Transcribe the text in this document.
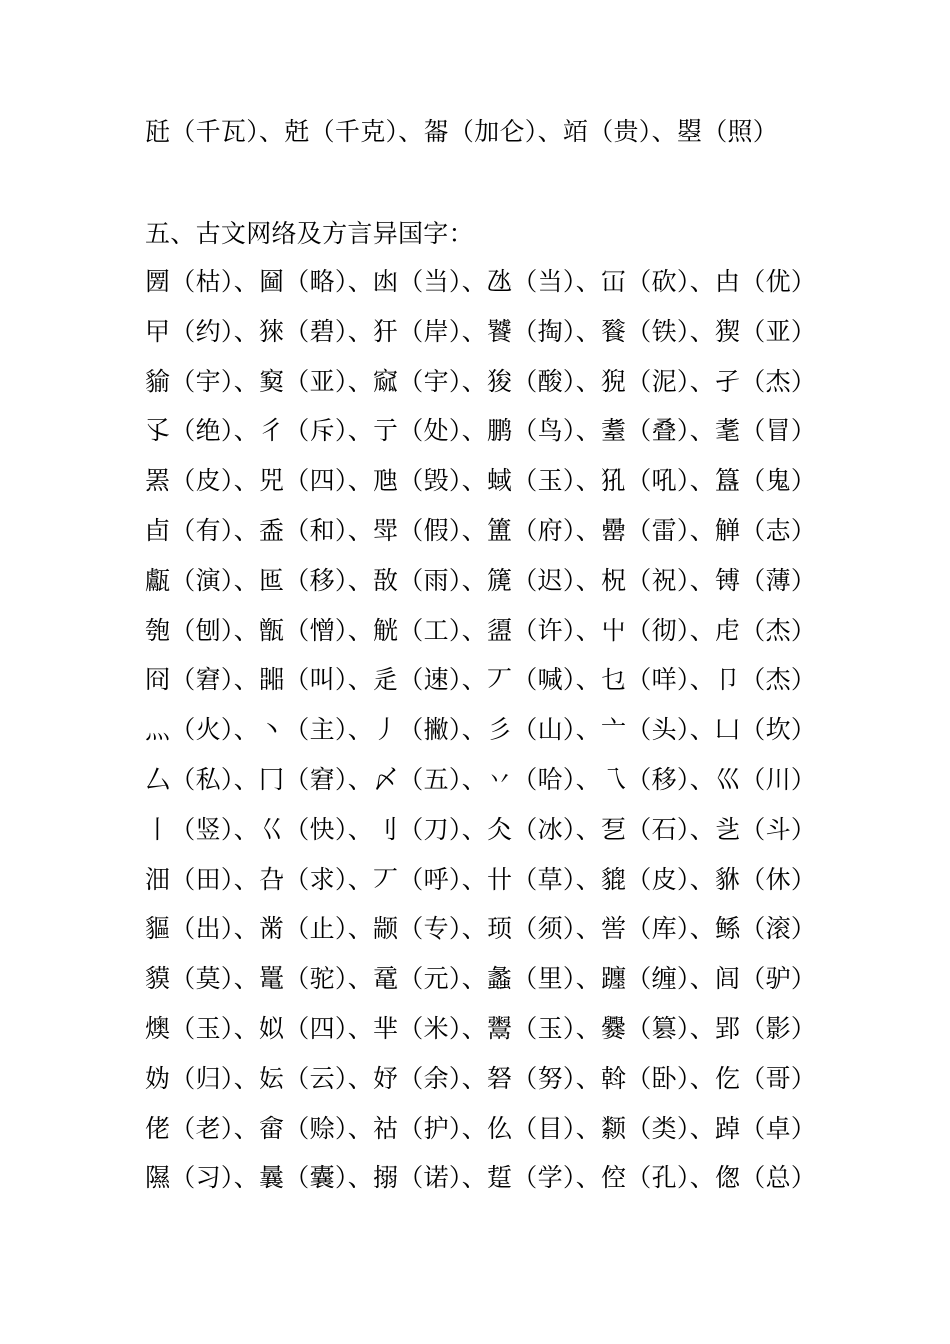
瓩（千瓦）、兛（千克）、嗧（加仑）、竡（贵）、曌（照）
五、古文网络及方言异国字：
圐（枯）、圙（略）、凼（当）、氹（当）、冚（砍）、甴（优）
曱（约）、猍（碧）、犴（岸）、饕（掏）、餮（铁）、猰（亚）
貐（宇）、窫（亚）、窳（宇）、狻（酸）、猊（泥）、孑（杰）
孓（绝）、彳（斥）、亍（处）、鹏（鸟）、耋（叠）、耄（冒）
罴（皮）、兕（四）、虺（毁）、蜮（玉）、犼（吼）、簋（鬼）
卣（有）、盉（和）、斝（假）、簠（府）、罍（雷）、觯（志）
甗（演）、匜（移）、敔（雨）、篪（迟）、柷（祝）、镈（薄）
匏（刨）、甑（憎）、觥（工）、盨（许）、屮（彻）、虍（杰）
冏（窘）、嘂（叫）、辵（速）、丆（喊）、乜（咩）、卩（杰）
灬（火）、丶（主）、丿（撇）、彡（山）、亠（头）、凵（坎）
厶（私）、冂（窘）、〆（五）、丷（哈）、乁（移）、巛（川）
丨（竖）、巜（快）、刂（刀）、仌（冰）、乭（石）、乧（斗）
沺（田）、叴（求）、丆（呼）、卄（草）、貔（皮）、貅（休）
貙（出）、黹（止）、颛（专）、顼（须）、喾（库）、鲧（滚）
貘（莫）、鼍（驼）、鼋（元）、蠡（里）、躔（缠）、闾（驴）
燠（玉）、姒（四）、芈（米）、鬻（玉）、爨（篡）、郢（影）
妫（归）、妘（云）、妤（余）、砮（努）、斡（卧）、仡（哥）
佬（老）、畲（赊）、祜（护）、仫（目）、颣（类）、踔（卓）
隰（习）、曩（囊）、搦（诺）、踅（学）、倥（孔）、偬（总）
